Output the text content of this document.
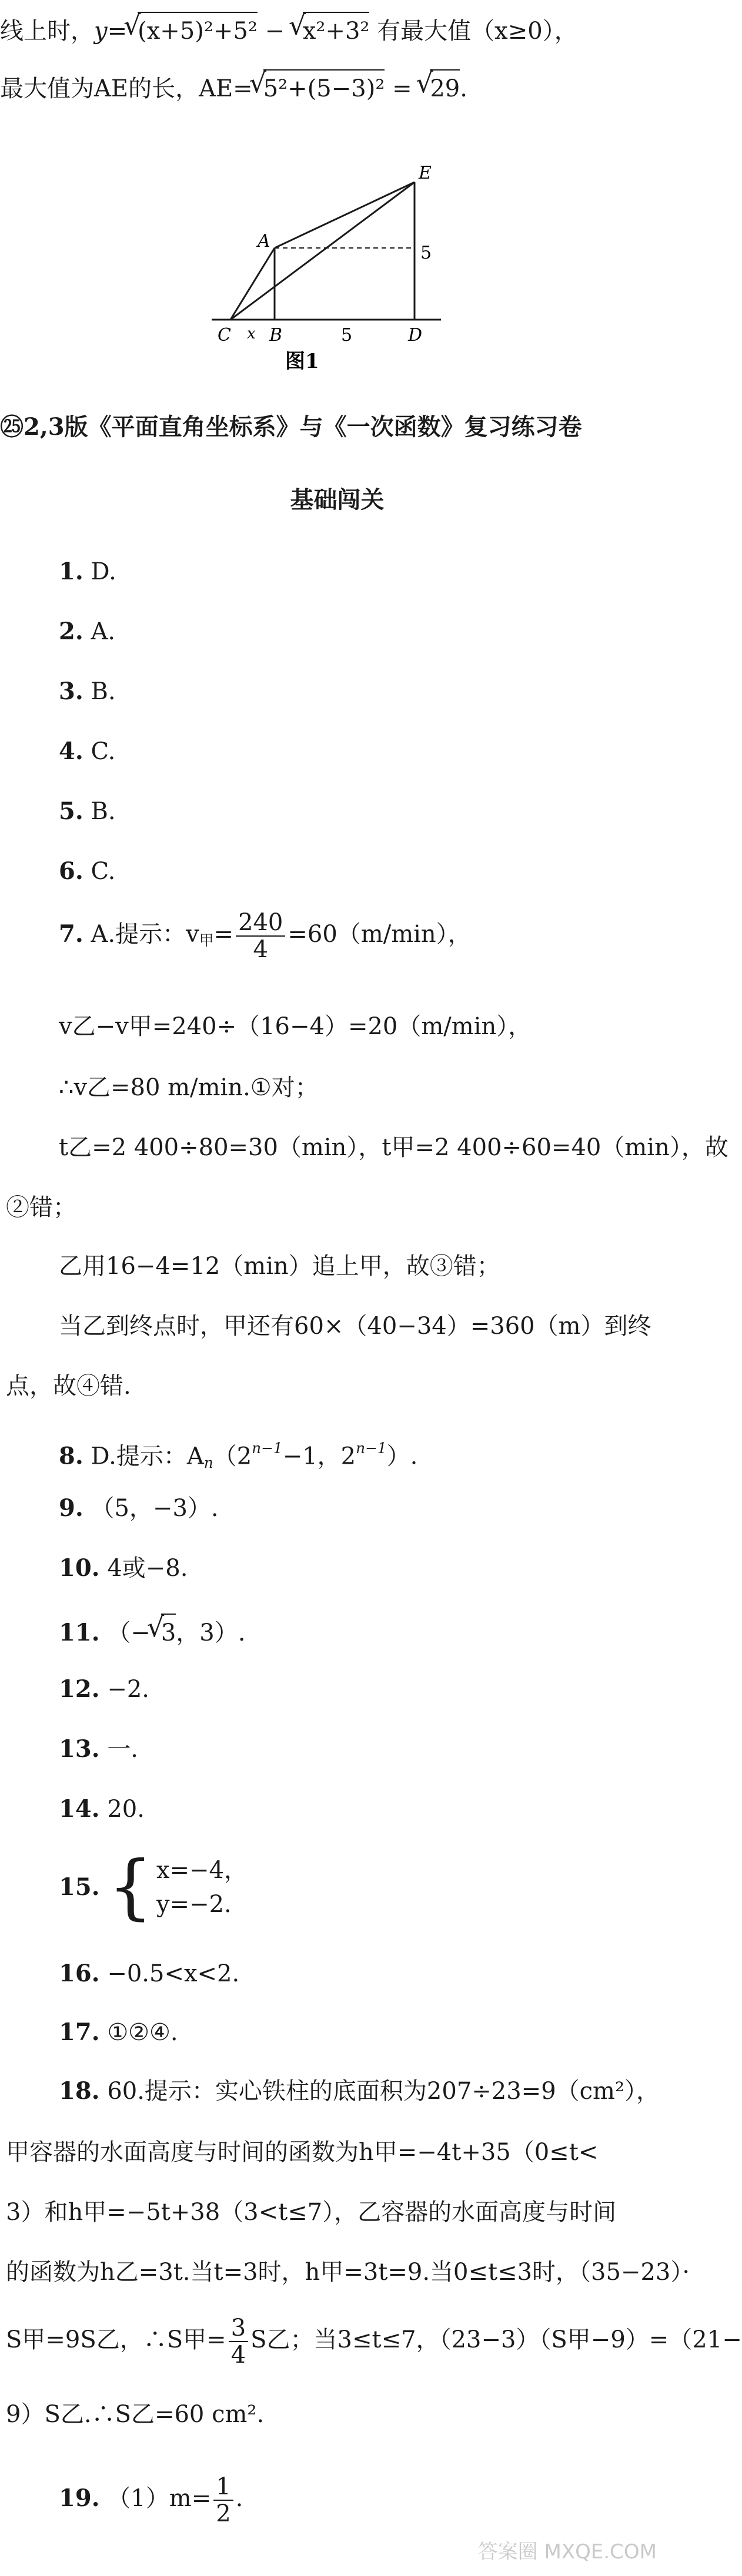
线上时，y= √ (x+5)²+5² − √ x²+3² 有最大值（x≥0），
最大值为AE的长，AE= √ 5²+(5−3)² = √ 29.
E
A
5
C x B	5	D
图1
㉕2,3版《平面直角坐标系》与《一次函数》复习练习卷
基础闯关
1. D.
2. A.
3. B.
4. C.
5. B.
6. C.
7. A.提示：$v_甲= \frac{240}{4} =60(m/\min)$，
v乙−v甲=240÷（16−4）=20（m/min），
∴v乙=80 m/min.①对；
t乙=2 400÷80=30（min），t甲=2 400÷60=40（min），故
②错；
乙用16−4=12（min）追上甲，故③错；
当乙到终点时，甲还有60×（40−34）=360（m）到终
点，故④错.
8. D.提示：$A_n(2^{n-1}-1$，$2^{n-1}$）.
9. （5，−3）.
10. 4或−8.
11. （− √ 3，3）.
12. −2.
13. 一.
14. 20.
15. { x=−4，
y=−2.
16. −0.5<x<2.
17. ①②④.
18. 60.提示：实心铁柱的底面积为207÷23=9（cm²），
甲容器的水面高度与时间的函数为h甲=−4t+35（0≤t<
3）和h甲=−5t+38（3<t≤7），乙容器的水面高度与时间
的函数为h乙=3t.当t=3时，h甲=3t=9.当0≤t≤3时，（35−23）·
S甲=9S乙，∴S甲= $\frac{3}{4}$ S乙；当3≤t≤7，（23−3）（S甲−9）=（21−
9）S乙.∴S乙=60 cm².
19. $(1)m= \frac{1}{2}$ .
答案圈 MXQE.COM
